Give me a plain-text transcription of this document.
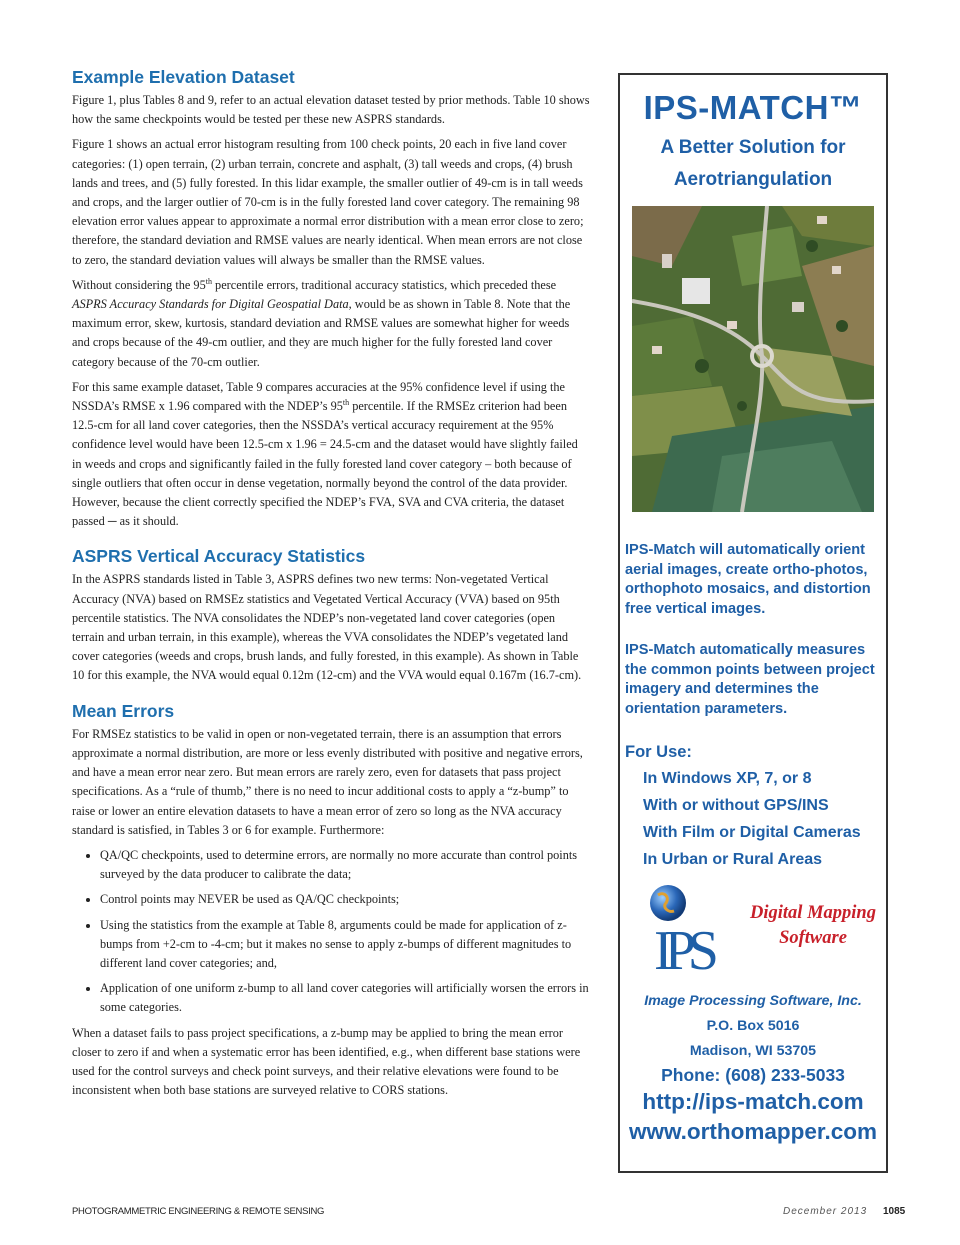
Example Elevation Dataset

Figure 1, plus Tables 8 and 9, refer to an actual elevation dataset tested by prior methods. Table 10 shows how the same checkpoints would be tested per these new ASPRS standards.

Figure 1 shows an actual error histogram resulting from 100 check points, 20 each in five land cover categories: (1) open terrain, (2) urban terrain, concrete and asphalt, (3) tall weeds and crops, (4) brush lands and trees, and (5) fully forested. In this lidar example, the smaller outlier of 49-cm is in tall weeds and crops, and the larger outlier of 70-cm is in the fully forested land cover category. The remaining 98 elevation error values appear to approximate a normal error distribution with a mean error close to zero; therefore, the standard deviation and RMSE values are nearly identical. When mean errors are not close to zero, the standard deviation values will always be smaller than the RMSE values.

Without considering the 95th percentile errors, traditional accuracy statistics, which preceded these ASPRS Accuracy Standards for Digital Geospatial Data, would be as shown in Table 8. Note that the maximum error, skew, kurtosis, standard deviation and RMSE values are somewhat higher for weeds and crops because of the 49-cm outlier, and they are much higher for the fully forested land cover category because of the 70-cm outlier.

For this same example dataset, Table 9 compares accuracies at the 95% confidence level if using the NSSDA’s RMSE x 1.96 compared with the NDEP’s 95th percentile. If the RMSEz criterion had been 12.5-cm for all land cover categories, then the NSSDA’s vertical accuracy requirement at the 95% confidence level would have been 12.5-cm x 1.96 = 24.5-cm and the dataset would have slightly failed in weeds and crops and significantly failed in the fully forested land cover category – both because of single outliers that often occur in dense vegetation, normally beyond the control of the data provider. However, because the client correctly specified the NDEP’s FVA, SVA and CVA criteria, the dataset passed ─ as it should.

ASPRS Vertical Accuracy Statistics

In the ASPRS standards listed in Table 3, ASPRS defines two new terms: Non-vegetated Vertical Accuracy (NVA) based on RMSEz statistics and Vegetated Vertical Accuracy (VVA) based on 95th percentile statistics. The NVA consolidates the NDEP’s non-vegetated land cover categories (open terrain and urban terrain, in this example), whereas the VVA consolidates the NDEP’s vegetated land cover categories (weeds and crops, brush lands, and fully forested, in this example). As shown in Table 10 for this example, the NVA would equal 0.12m (12-cm) and the VVA would equal 0.167m (16.7-cm).

Mean Errors

For RMSEz statistics to be valid in open or non-vegetated terrain, there is an assumption that errors approximate a normal distribution, are more or less evenly distributed with positive and negative errors, and have a mean error near zero. But mean errors are rarely zero, even for datasets that pass project specifications. As a “rule of thumb,” there is no need to incur additional costs to apply a “z-bump” to raise or lower an entire elevation datasets to have a mean error of zero so long as the NVA accuracy standard is satisfied, in Tables 3 or 6 for example. Furthermore:

• QA/QC checkpoints, used to determine errors, are normally no more accurate than control points surveyed by the data producer to calibrate the data;
• Control points may NEVER be used as QA/QC checkpoints;
• Using the statistics from the example at Table 8, arguments could be made for application of z-bumps from +2-cm to -4-cm; but it makes no sense to apply z-bumps of different magnitudes to different land cover categories; and,
• Application of one uniform z-bump to all land cover categories will artificially worsen the errors in some categories.

When a dataset fails to pass project specifications, a z-bump may be applied to bring the mean error closer to zero if and when a systematic error has been identified, e.g., when different base stations were used for the control surveys and check point surveys, and their relative elevations were found to be inconsistent when both base stations are surveyed relative to CORS stations.

IPS-MATCH™
A Better Solution for
Aerotriangulation
IPS-Match will automatically orient aerial images, create ortho-photos, orthophoto mosaics, and distortion free vertical images.
IPS-Match automatically measures the common points between project imagery and determines the orientation parameters.
For Use:
In Windows XP, 7, or 8
With or without GPS/INS
With Film or Digital Cameras
In Urban or Rural Areas
IPS
Digital Mapping
Software
Image Processing Software, Inc.
P.O. Box 5016
Madison, WI 53705
Phone: (608) 233-5033
http://ips-match.com
www.orthomapper.com
PHOTOGRAMMETRIC ENGINEERING & REMOTE SENSING	December 2013 1085
